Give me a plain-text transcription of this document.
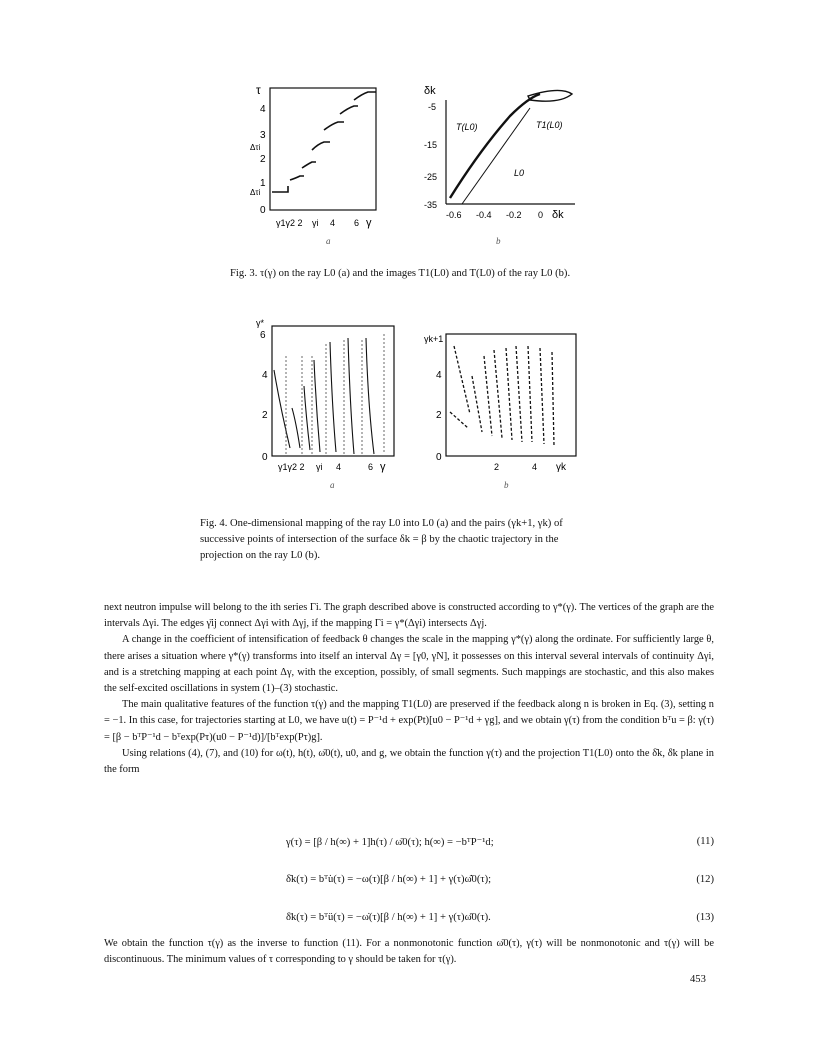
τ
4
3
Δτi
2
1
Δτi
0
γ1γ2 2 γi 4 6 γ
a
δk
-5
-15
-25
-35
T(L0)	T1(L0)
L0
-0.6 -0.4 -0.2 0 δk
b
Fig. 3. τ(γ) on the ray L0 (a) and the images T1(L0) and T(L0) of the ray L0 (b).
γ*
6
4
2
0
γ1γ2 2 γi 4	6 γ
a
γk+1
4
2
0
2	4 γk
b
Fig. 4. One-dimensional mapping of the ray L0 into L0 (a) and the pairs (γk+1, γk) of
successive points of intersection of the surface δk = β by the chaotic trajectory in the
projection on the ray L0 (b).

next neutron impulse will belong to the ith series Γi. The graph described above is constructed according to γ*(γ). The vertices of the graph are the intervals Δγi. The edges γ̄ij connect Δγi with Δγj, if the mapping Γi = γ*(Δγi) intersects Δγj.

A change in the coefficient of intensification of feedback θ changes the scale in the mapping γ*(γ) along the ordinate. For sufficiently large θ, there arises a situation where γ*(γ) transforms into itself an interval Δγ = [γ0, γN], it possesses on this interval several intervals of continuity Δγi, and is a stretching mapping at each point Δγ, with the exception, possibly, of small segments. Such mappings are stochastic, and this also makes the self-excited oscillations in system (1)–(3) stochastic.

The main qualitative features of the function τ(γ) and the mapping T1(L0) are preserved if the feedback along n is broken in Eq. (3), setting n = −1. In this case, for trajectories starting at L0, we have u(t) = P⁻¹d + exp(Pt)[u0 − P⁻¹d + γg], and we obtain γ(τ) from the condition bᵀu = β: γ(τ) = [β − bᵀP⁻¹d − bᵀexp(Pτ)(u0 − P⁻¹d)]/[bᵀexp(Pτ)g].

Using relations (4), (7), and (10) for ω(t), h(t), ω̄0(t), u0, and g, we obtain the function γ(τ) and the projection T1(L0) onto the δ̇k, δ̈k plane in the form

γ(τ) = [β / h(∞) + 1]h(τ) / ω̄0(τ); h(∞) = −bᵀP⁻¹d;	(11)
δ̇k(τ) = bᵀu̇(τ) = −ω(τ)[β / h(∞) + 1] + γ(τ)ω̄̇0(τ);	(12)
δ̈k(τ) = bᵀü(τ) = −ω̇(τ)[β / h(∞) + 1] + γ(τ)ω̄̈0(τ).	(13)
We obtain the function τ(γ) as the inverse to function (11). For a nonmonotonic function ω̄0(τ), γ(τ) will be nonmonotonic and τ(γ) will be discontinuous. The minimum values of τ corresponding to γ should be taken for τ(γ).
453
